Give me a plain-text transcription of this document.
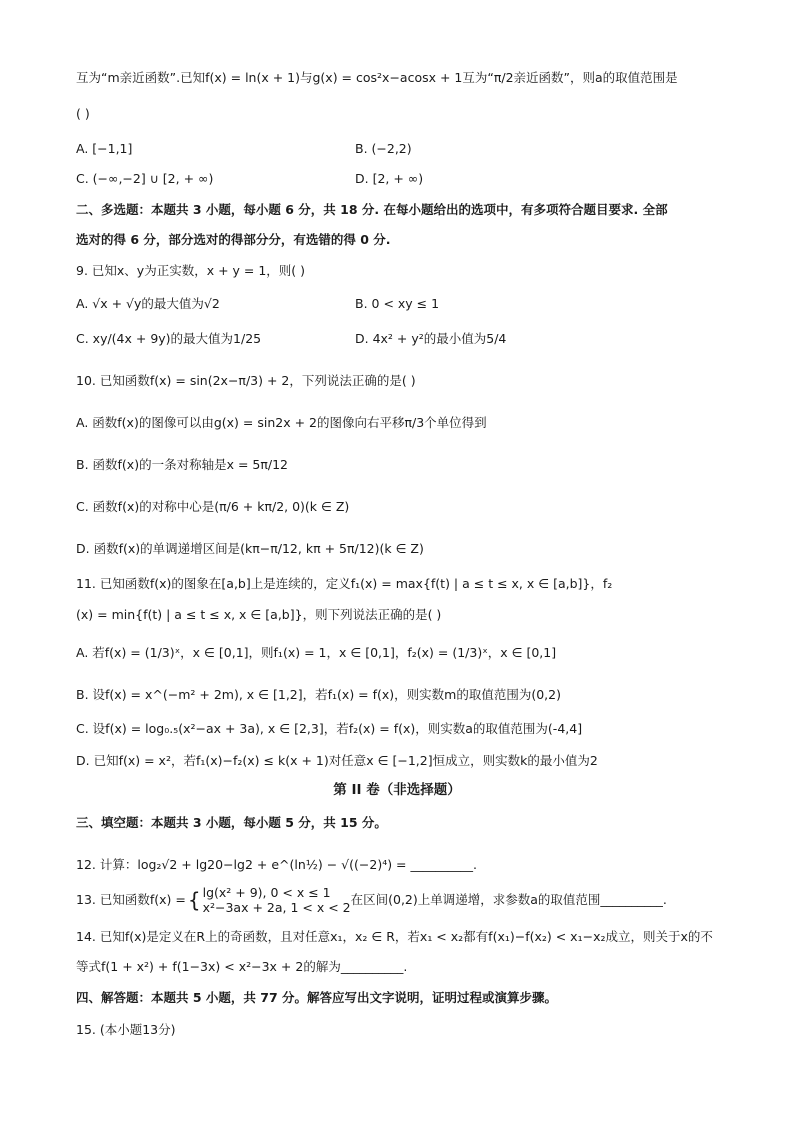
互为“m亲近函数”.已知f(x) = ln(x + 1)与g(x) = cos²x−acosx + 1互为“π/2亲近函数”，则a的取值范围是
( )
A. [−1,1]	B. (−2,2)
C. (−∞,−2] ∪ [2, + ∞)	D. [2, + ∞)
二、多选题：本题共 3 小题，每小题 6 分，共 18 分. 在每小题给出的选项中，有多项符合题目要求. 全部
选对的得 6 分，部分选对的得部分分，有选错的得 0 分.
9. 已知x、y为正实数，x + y = 1，则( )
A. √x + √y的最大值为√2	B. 0 < xy ≤ 1
C. xy/(4x + 9y)的最大值为1/25	D. 4x² + y²的最小值为5/4
10. 已知函数f(x) = sin(2x−π/3) + 2，下列说法正确的是( )
A. 函数f(x)的图像可以由g(x) = sin2x + 2的图像向右平移π/3个单位得到
B. 函数f(x)的一条对称轴是x = 5π/12
C. 函数f(x)的对称中心是(π/6 + kπ/2, 0)(k ∈ Z)
D. 函数f(x)的单调递增区间是(kπ−π/12, kπ + 5π/12)(k ∈ Z)
11. 已知函数f(x)的图象在[a,b]上是连续的，定义f₁(x) = max{f(t) | a ≤ t ≤ x, x ∈ [a,b]}，f₂
(x) = min{f(t) | a ≤ t ≤ x, x ∈ [a,b]}，则下列说法正确的是( )
A. 若f(x) = (1/3)ˣ，x ∈ [0,1]，则f₁(x) = 1，x ∈ [0,1]，f₂(x) = (1/3)ˣ，x ∈ [0,1]
B. 设f(x) = x^(−m² + 2m), x ∈ [1,2]，若f₁(x) = f(x)，则实数m的取值范围为(0,2)
C. 设f(x) = log₀.₅(x²−ax + 3a), x ∈ [2,3]，若f₂(x) = f(x)，则实数a的取值范围为(-4,4]
D. 已知f(x) = x²，若f₁(x)−f₂(x) ≤ k(x + 1)对任意x ∈ [−1,2]恒成立，则实数k的最小值为2
第 II 卷（非选择题）
三、填空题：本题共 3 小题，每小题 5 分，共 15 分。
12. 计算：log₂√2 + lg20−lg2 + e^(ln½) − √((−2)⁴) = __________.
13. 已知函数f(x) = { lg(x² + 9), 0 < x ≤ 1
x²−3ax + 2a, 1 < x < 2
在区间(0,2)上单调递增，求参数a的取值范围__________.
14. 已知f(x)是定义在R上的奇函数，且对任意x₁，x₂ ∈ R，若x₁ < x₂都有f(x₁)−f(x₂) < x₁−x₂成立，则关于x的不
等式f(1 + x²) + f(1−3x) < x²−3x + 2的解为__________.
四、解答题：本题共 5 小题，共 77 分。解答应写出文字说明，证明过程或演算步骤。
15. (本小题13分)
